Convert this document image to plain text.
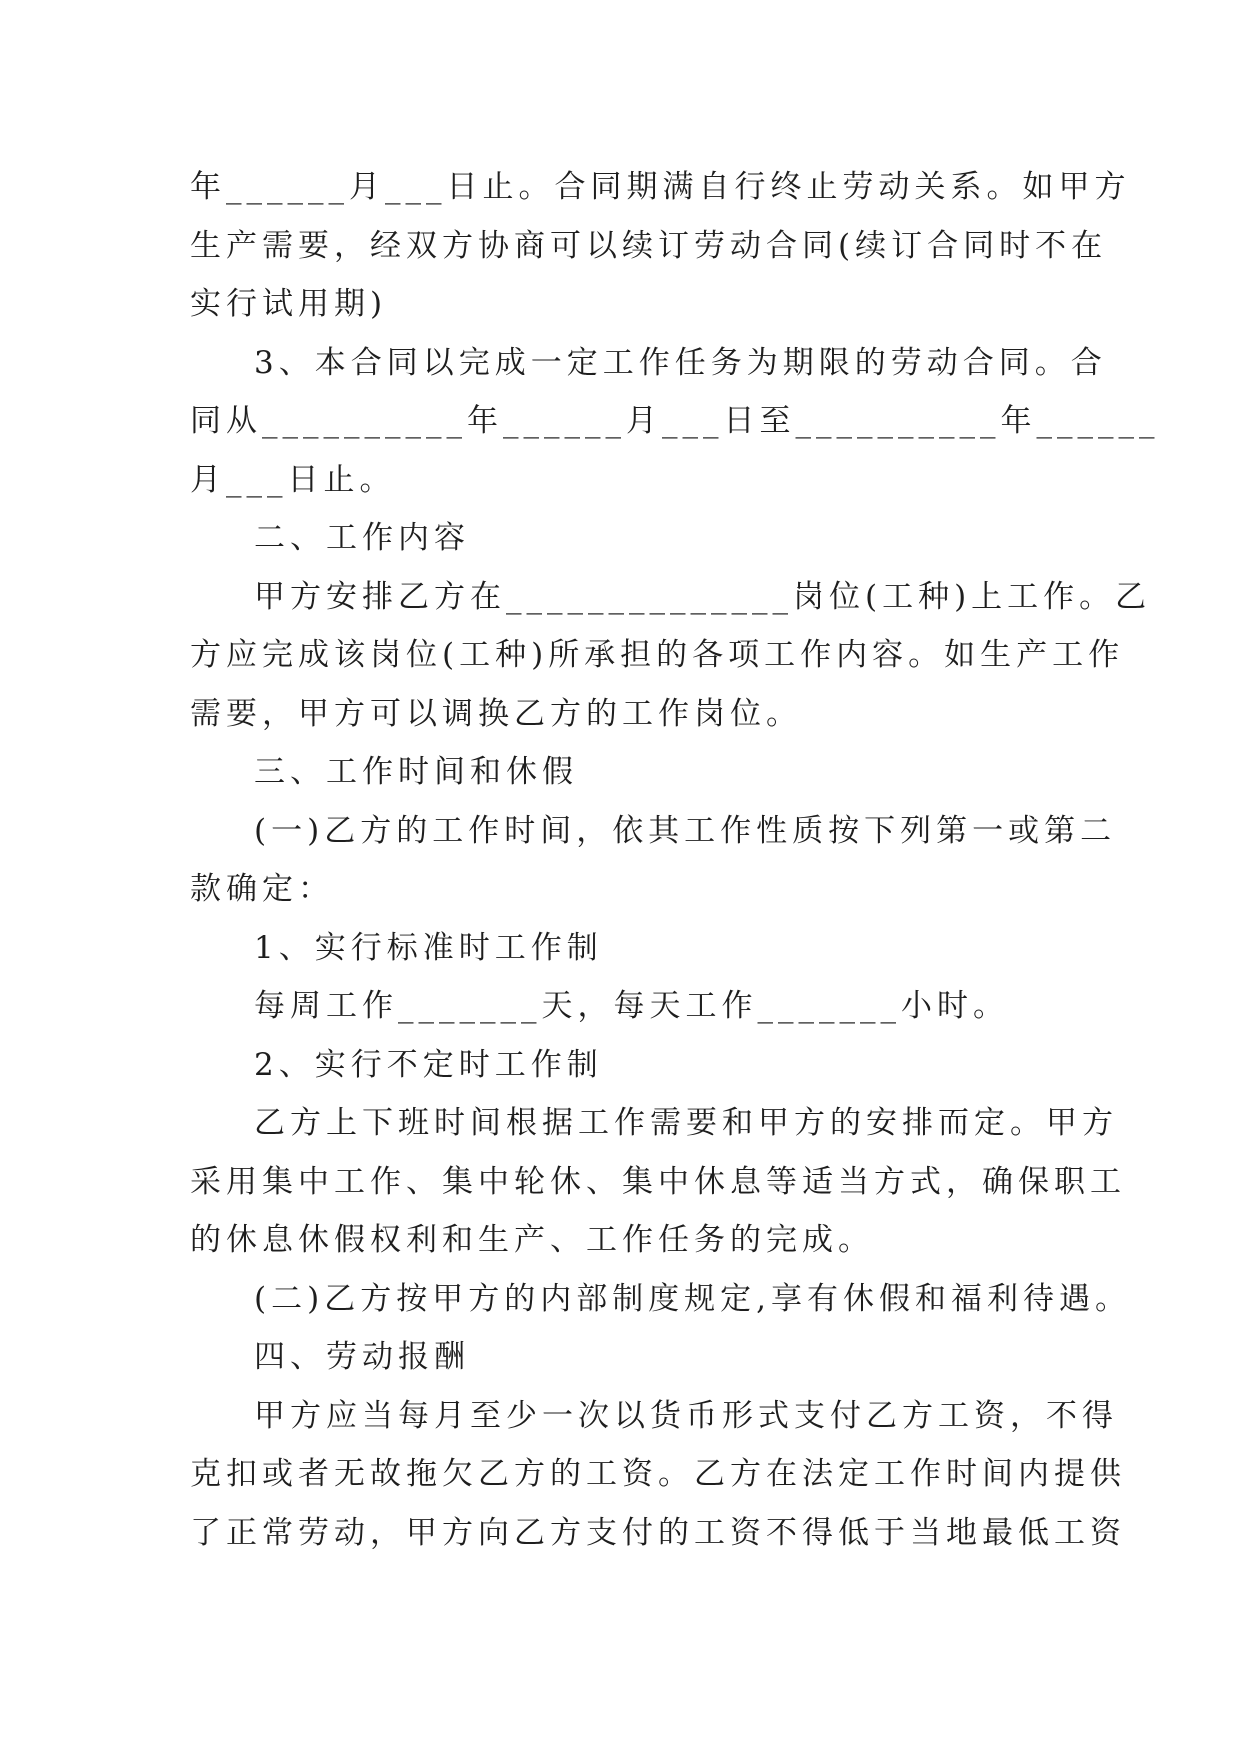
年______月___日止。合同期满自行终止劳动关系。如甲方
生产需要，经双方协商可以续订劳动合同(续订合同时不在
实行试用期)
3、本合同以完成一定工作任务为期限的劳动合同。合
同从__________年______月___日至__________年______
月___日止。
二、工作内容
甲方安排乙方在______________岗位(工种)上工作。乙
方应完成该岗位(工种)所承担的各项工作内容。如生产工作
需要，甲方可以调换乙方的工作岗位。
三、工作时间和休假
(一)乙方的工作时间，依其工作性质按下列第一或第二
款确定：
1、实行标准时工作制
每周工作_______天，每天工作_______小时。
2、实行不定时工作制
乙方上下班时间根据工作需要和甲方的安排而定。甲方
采用集中工作、集中轮休、集中休息等适当方式，确保职工
的休息休假权利和生产、工作任务的完成。
(二)乙方按甲方的内部制度规定,享有休假和福利待遇。
四、劳动报酬
甲方应当每月至少一次以货币形式支付乙方工资，不得
克扣或者无故拖欠乙方的工资。乙方在法定工作时间内提供
了正常劳动，甲方向乙方支付的工资不得低于当地最低工资
